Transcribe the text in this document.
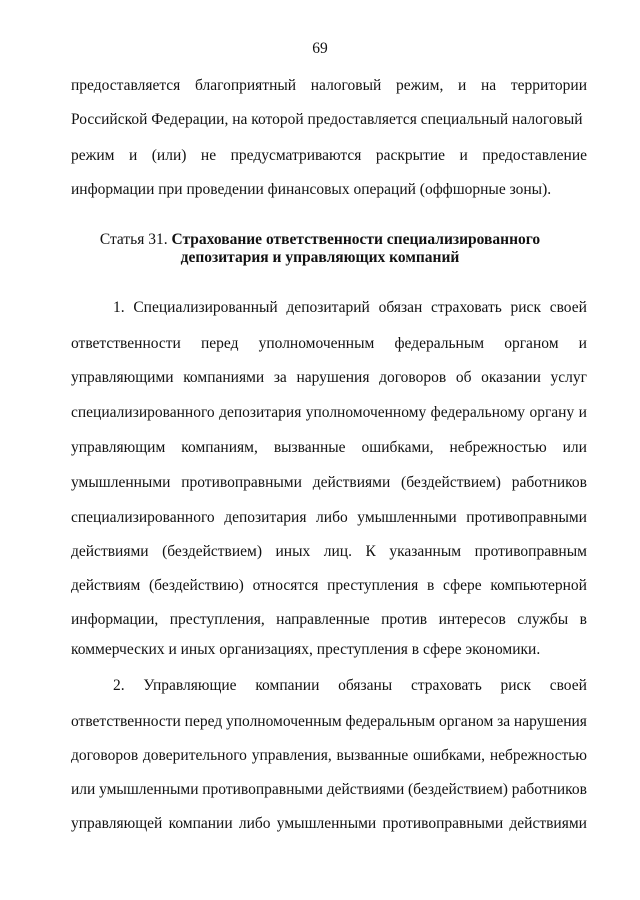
69
предоставляется благоприятный налоговый режим, и на территории
Российской Федерации, на которой предоставляется специальный налоговый
режим и (или) не предусматриваются раскрытие и предоставление
информации при проведении финансовых операций (оффшорные зоны).
Статья 31. Страхование ответственности специализированного
депозитария и управляющих компаний
1. Специализированный депозитарий обязан страховать риск своей
ответственности перед уполномоченным федеральным органом и
управляющими компаниями за нарушения договоров об оказании услуг
специализированного депозитария уполномоченному федеральному органу и
управляющим компаниям, вызванные ошибками, небрежностью или
умышленными противоправными действиями (бездействием) работников
специализированного депозитария либо умышленными противоправными
действиями (бездействием) иных лиц. К указанным противоправным
действиям (бездействию) относятся преступления в сфере компьютерной
информации, преступления, направленные против интересов службы в
коммерческих и иных организациях, преступления в сфере экономики.
2. Управляющие компании обязаны страховать риск своей
ответственности перед уполномоченным федеральным органом за нарушения
договоров доверительного управления, вызванные ошибками, небрежностью
или умышленными противоправными действиями (бездействием) работников
управляющей компании либо умышленными противоправными действиями
